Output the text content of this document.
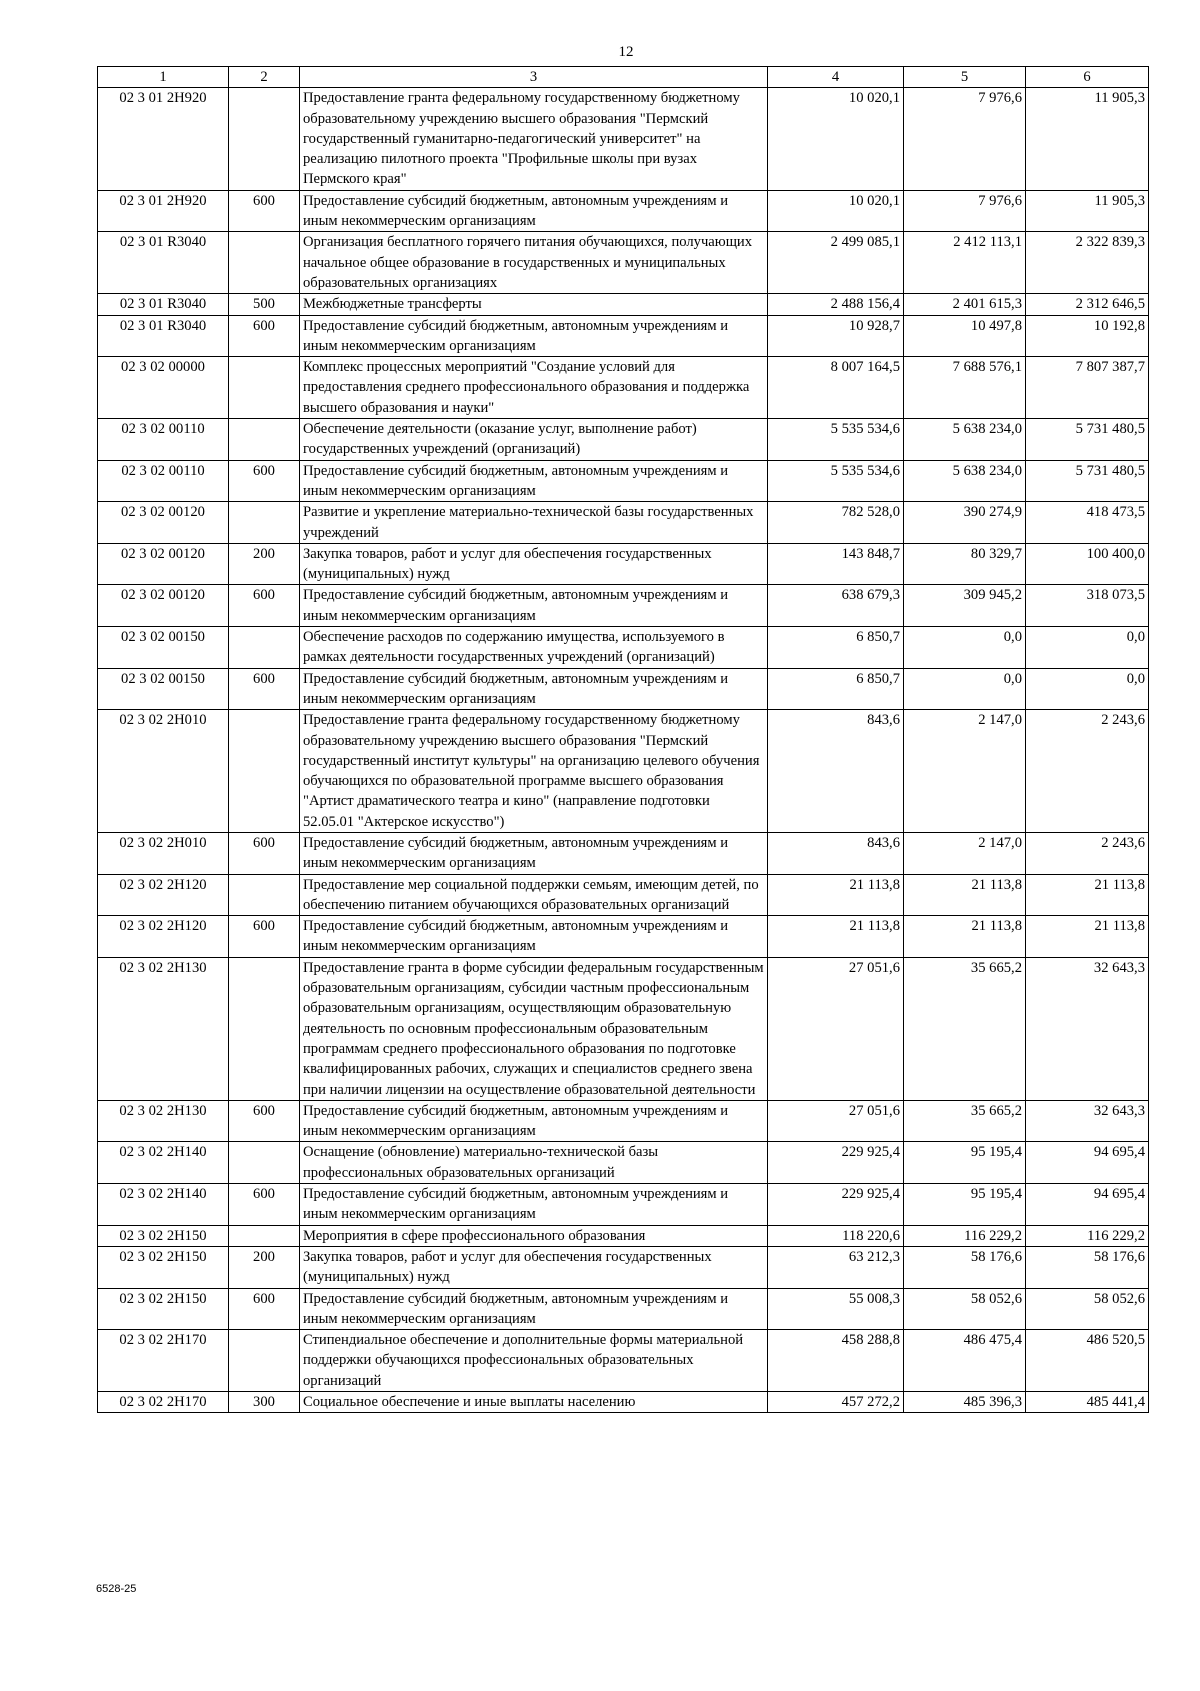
12
1	2	3	4	5	6
02 3 01 2Н920		Предоставление гранта федеральному государственному бюджетному образовательному учреждению высшего образования "Пермский государственный гуманитарно-педагогический университет" на реализацию пилотного проекта "Профильные школы при вузах Пермского края"	10 020,1	7 976,6	11 905,3
02 3 01 2Н920	600	Предоставление субсидий бюджетным, автономным учреждениям и иным некоммерческим организациям	10 020,1	7 976,6	11 905,3
02 3 01 R3040		Организация бесплатного горячего питания обучающихся, получающих начальное общее образование в государственных и муниципальных образовательных организациях	2 499 085,1	2 412 113,1	2 322 839,3
02 3 01 R3040	500	Межбюджетные трансферты	2 488 156,4	2 401 615,3	2 312 646,5
02 3 01 R3040	600	Предоставление субсидий бюджетным, автономным учреждениям и иным некоммерческим организациям	10 928,7	10 497,8	10 192,8
02 3 02 00000		Комплекс процессных мероприятий "Создание условий для предоставления среднего профессионального образования и поддержка высшего образования и науки"	8 007 164,5	7 688 576,1	7 807 387,7
02 3 02 00110		Обеспечение деятельности (оказание услуг, выполнение работ) государственных учреждений (организаций)	5 535 534,6	5 638 234,0	5 731 480,5
02 3 02 00110	600	Предоставление субсидий бюджетным, автономным учреждениям и иным некоммерческим организациям	5 535 534,6	5 638 234,0	5 731 480,5
02 3 02 00120		Развитие и укрепление материально-технической базы государственных учреждений	782 528,0	390 274,9	418 473,5
02 3 02 00120	200	Закупка товаров, работ и услуг для обеспечения государственных (муниципальных) нужд	143 848,7	80 329,7	100 400,0
02 3 02 00120	600	Предоставление субсидий бюджетным, автономным учреждениям и иным некоммерческим организациям	638 679,3	309 945,2	318 073,5
02 3 02 00150		Обеспечение расходов по содержанию имущества, используемого в рамках деятельности государственных учреждений (организаций)	6 850,7	0,0	0,0
02 3 02 00150	600	Предоставление субсидий бюджетным, автономным учреждениям и иным некоммерческим организациям	6 850,7	0,0	0,0
02 3 02 2Н010		Предоставление гранта федеральному государственному бюджетному образовательному учреждению высшего образования "Пермский государственный институт культуры" на организацию целевого обучения обучающихся по образовательной программе высшего образования "Артист драматического театра и кино" (направление подготовки 52.05.01 "Актерское искусство")	843,6	2 147,0	2 243,6
02 3 02 2Н010	600	Предоставление субсидий бюджетным, автономным учреждениям и иным некоммерческим организациям	843,6	2 147,0	2 243,6
02 3 02 2Н120		Предоставление мер социальной поддержки семьям, имеющим детей, по обеспечению питанием обучающихся образовательных организаций	21 113,8	21 113,8	21 113,8
02 3 02 2Н120	600	Предоставление субсидий бюджетным, автономным учреждениям и иным некоммерческим организациям	21 113,8	21 113,8	21 113,8
02 3 02 2Н130		Предоставление гранта в форме субсидии федеральным государственным образовательным организациям, субсидии частным профессиональным образовательным организациям, осуществляющим образовательную деятельность по основным профессиональным образовательным программам среднего профессионального образования по подготовке квалифицированных рабочих, служащих и специалистов среднего звена при наличии лицензии на осуществление образовательной деятельности	27 051,6	35 665,2	32 643,3
02 3 02 2Н130	600	Предоставление субсидий бюджетным, автономным учреждениям и иным некоммерческим организациям	27 051,6	35 665,2	32 643,3
02 3 02 2Н140		Оснащение (обновление) материально-технической базы профессиональных образовательных организаций	229 925,4	95 195,4	94 695,4
02 3 02 2Н140	600	Предоставление субсидий бюджетным, автономным учреждениям и иным некоммерческим организациям	229 925,4	95 195,4	94 695,4
02 3 02 2Н150		Мероприятия в сфере профессионального образования	118 220,6	116 229,2	116 229,2
02 3 02 2Н150	200	Закупка товаров, работ и услуг для обеспечения государственных (муниципальных) нужд	63 212,3	58 176,6	58 176,6
02 3 02 2Н150	600	Предоставление субсидий бюджетным, автономным учреждениям и иным некоммерческим организациям	55 008,3	58 052,6	58 052,6
02 3 02 2Н170		Стипендиальное обеспечение и дополнительные формы материальной поддержки обучающихся профессиональных образовательных организаций	458 288,8	486 475,4	486 520,5
02 3 02 2Н170	300	Социальное обеспечение и иные выплаты населению	457 272,2	485 396,3	485 441,4
6528-25
